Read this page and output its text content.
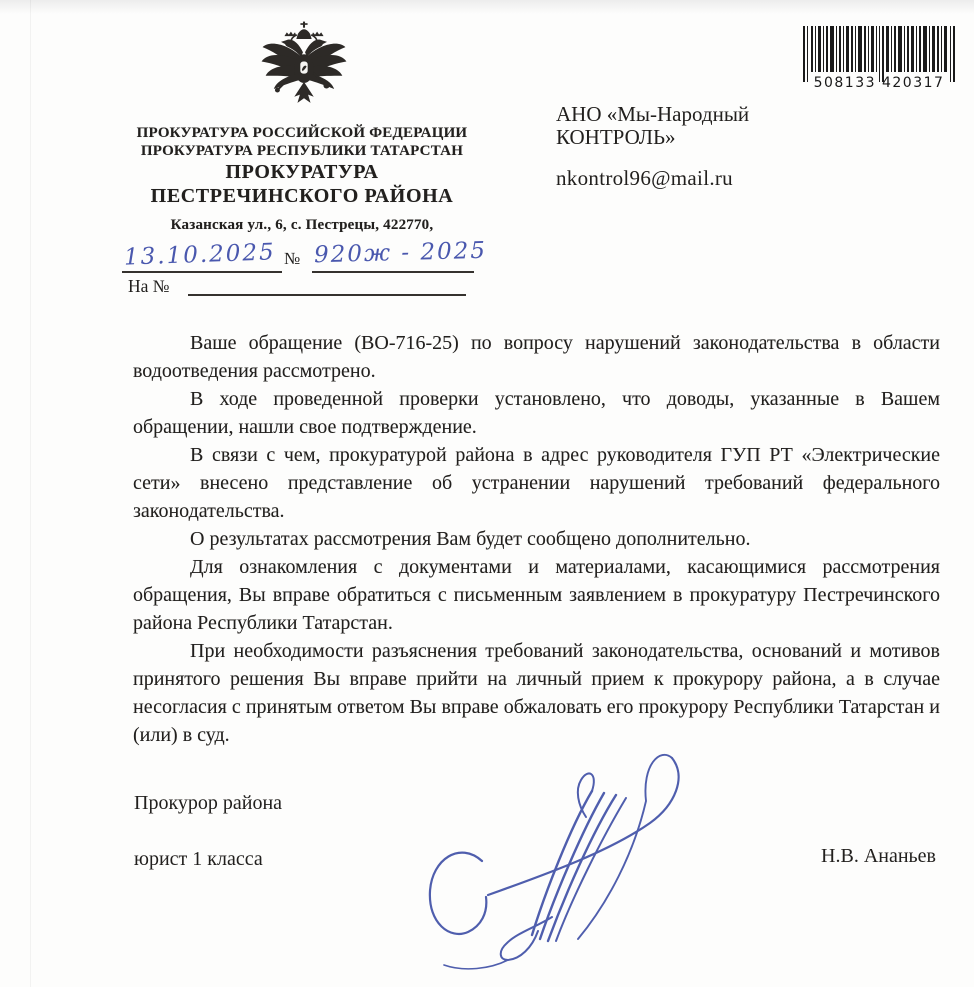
ПРОКУРАТУРА РОССИЙСКОЙ ФЕДЕРАЦИИ
ПРОКУРАТУРА РЕСПУБЛИКИ ТАТАРСТАН
ПРОКУРАТУРА
ПЕСТРЕЧИНСКОГО РАЙОНА
Казанская ул., 6, с. Пестрецы, 422770,
13.10.2025 № 920ж - 2025
На №
АНО «Мы-Народный
КОНТРОЛЬ»
nkontrol96@mail.ru
508133 420317

Ваше обращение (ВО-716-25) по вопросу нарушений законодательства в области водоотведения рассмотрено.

В ходе проведенной проверки установлено, что доводы, указанные в Вашем обращении, нашли свое подтверждение.

В связи с чем, прокуратурой района в адрес руководителя ГУП РТ «Электрические сети» внесено представление об устранении нарушений требований федерального законодательства.

О результатах рассмотрения Вам будет сообщено дополнительно.

Для ознакомления с документами и материалами, касающимися рассмотрения обращения, Вы вправе обратиться с письменным заявлением в прокуратуру Пестречинского района Республики Татарстан.

При необходимости разъяснения требований законодательства, оснований и мотивов принятого решения Вы вправе прийти на личный прием к прокурору района, а в случае несогласия с принятым ответом Вы вправе обжаловать его прокурору Республики Татарстан и (или) в суд.

Прокурор района
юрист 1 класса	Н.В. Ананьев
